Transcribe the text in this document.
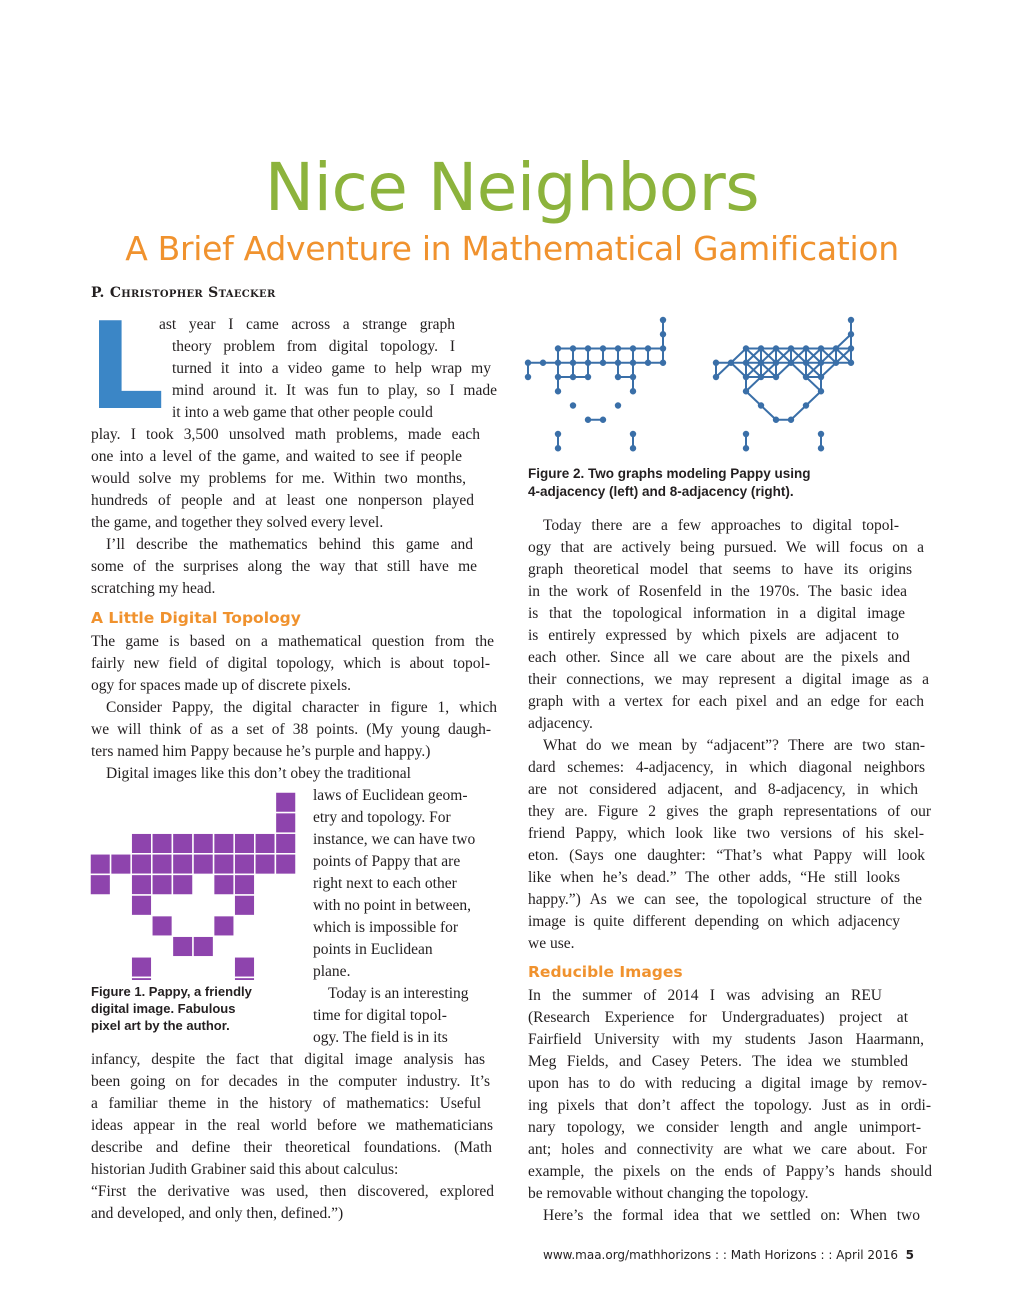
Nice Neighbors
A Brief Adventure in Mathematical Gamification
P. Christopher Staecker
L
ast year I came across a strange graph
theory problem from digital topology. I
turned it into a video game to help wrap my
mind around it. It was fun to play, so I made
it into a web game that other people could
play. I took 3,500 unsolved math problems, made each
one into a level of the game, and waited to see if people
would solve my problems for me. Within two months,
hundreds of people and at least one nonperson played
the game, and together they solved every level.
I’ll describe the mathematics behind this game and
some of the surprises along the way that still have me
scratching my head.
A Little Digital Topology
The game is based on a mathematical question from the
fairly new field of digital topology, which is about topol-
ogy for spaces made up of discrete pixels.
Consider Pappy, the digital character in figure 1, which
we will think of as a set of 38 points. (My young daugh-
ters named him Pappy because he’s purple and happy.)
Digital images like this don’t obey the traditional
Figure 1. Pappy, a friendly
digital image. Fabulous
pixel art by the author.
laws of Euclidean geom-
etry and topology. For
instance, we can have two
points of Pappy that are
right next to each other
with no point in between,
which is impossible for
points in Euclidean
plane.
Today is an interesting
time for digital topol-
ogy. The field is in its
infancy, despite the fact that digital image analysis has
been going on for decades in the computer industry. It’s
a familiar theme in the history of mathematics: Useful
ideas appear in the real world before we mathematicians
describe and define their theoretical foundations. (Math
historian Judith Grabiner said this about calculus:
“First the derivative was used, then discovered, explored
and developed, and only then, defined.”)
Figure 2. Two graphs modeling Pappy using
4-adjacency (left) and 8-adjacency (right).
Today there are a few approaches to digital topol-
ogy that are actively being pursued. We will focus on a
graph theoretical model that seems to have its origins
in the work of Rosenfeld in the 1970s. The basic idea
is that the topological information in a digital image
is entirely expressed by which pixels are adjacent to
each other. Since all we care about are the pixels and
their connections, we may represent a digital image as a
graph with a vertex for each pixel and an edge for each
adjacency.
What do we mean by “adjacent”? There are two stan-
dard schemes: 4-adjacency, in which diagonal neighbors
are not considered adjacent, and 8-adjacency, in which
they are. Figure 2 gives the graph representations of our
friend Pappy, which look like two versions of his skel-
eton. (Says one daughter: “That’s what Pappy will look
like when he’s dead.” The other adds, “He still looks
happy.”) As we can see, the topological structure of the
image is quite different depending on which adjacency
we use.
Reducible Images
In the summer of 2014 I was advising an REU
(Research Experience for Undergraduates) project at
Fairfield University with my students Jason Haarmann,
Meg Fields, and Casey Peters. The idea we stumbled
upon has to do with reducing a digital image by remov-
ing pixels that don’t affect the topology. Just as in ordi-
nary topology, we consider length and angle unimport-
ant; holes and connectivity are what we care about. For
example, the pixels on the ends of Pappy’s hands should
be removable without changing the topology.
Here’s the formal idea that we settled on: When two
www.maa.org/mathhorizons : : Math Horizons : : April 2016 5
